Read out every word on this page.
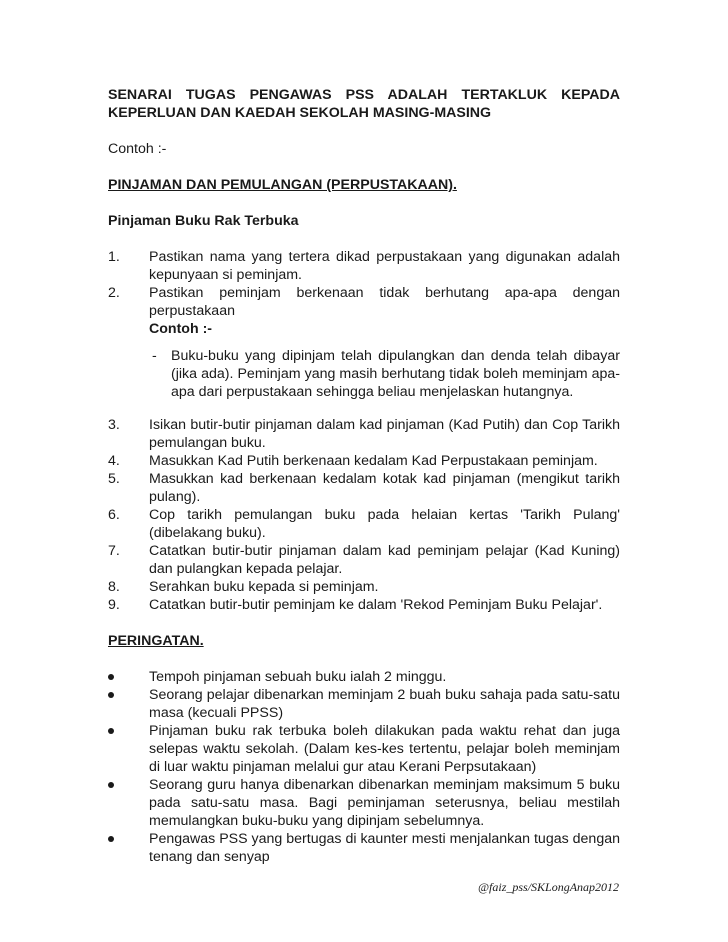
SENARAI TUGAS PENGAWAS PSS ADALAH TERTAKLUK KEPADA
KEPERLUAN DAN KAEDAH SEKOLAH MASING-MASING
Contoh :-
PINJAMAN DAN PEMULANGAN (PERPUSTAKAAN).
Pinjaman Buku Rak Terbuka
1. Pastikan nama yang tertera dikad perpustakaan yang digunakan adalah kepunyaan si peminjam.
2. Pastikan peminjam berkenaan tidak berhutang apa-apa dengan perpustakaan
Contoh :-
- Buku-buku yang dipinjam telah dipulangkan dan denda telah dibayar (jika ada). Peminjam yang masih berhutang tidak boleh meminjam apa-apa dari perpustakaan sehingga beliau menjelaskan hutangnya.
3. Isikan butir-butir pinjaman dalam kad pinjaman (Kad Putih) dan Cop Tarikh pemulangan buku.
4. Masukkan Kad Putih berkenaan kedalam Kad Perpustakaan peminjam.
5. Masukkan kad berkenaan kedalam kotak kad pinjaman (mengikut tarikh pulang).
6. Cop tarikh pemulangan buku pada helaian kertas 'Tarikh Pulang' (dibelakang buku).
7. Catatkan butir-butir pinjaman dalam kad peminjam pelajar (Kad Kuning) dan pulangkan kepada pelajar.
8. Serahkan buku kepada si peminjam.
9. Catatkan butir-butir peminjam ke dalam 'Rekod Peminjam Buku Pelajar'.
PERINGATAN.
Tempoh pinjaman sebuah buku ialah 2 minggu.
Seorang pelajar dibenarkan meminjam 2 buah buku sahaja pada satu-satu masa (kecuali PPSS)
Pinjaman buku rak terbuka boleh dilakukan pada waktu rehat dan juga selepas waktu sekolah. (Dalam kes-kes tertentu, pelajar boleh meminjam di luar waktu pinjaman melalui gur atau Kerani Perpsutakaan)
Seorang guru hanya dibenarkan dibenarkan meminjam maksimum 5 buku pada satu-satu masa. Bagi peminjaman seterusnya, beliau mestilah memulangkan buku-buku yang dipinjam sebelumnya.
Pengawas PSS yang bertugas di kaunter mesti menjalankan tugas dengan tenang dan senyap
@faiz_pss/SKLongAnap2012
